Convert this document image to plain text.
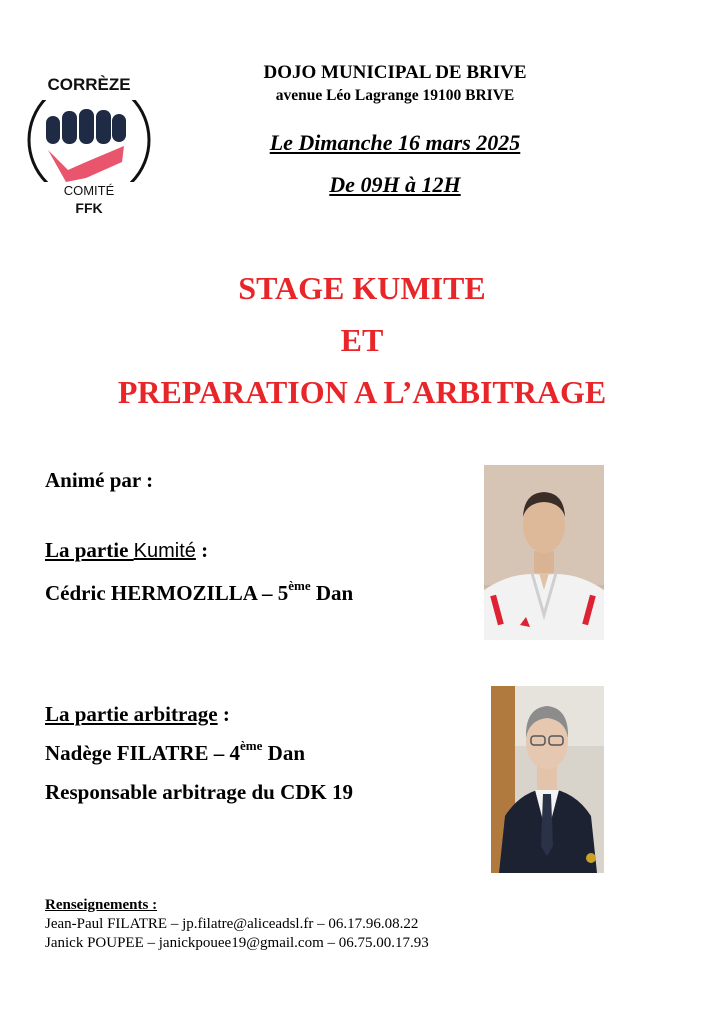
CORRÈZE
COMITÉ
FFK
DOJO MUNICIPAL DE BRIVE
avenue Léo Lagrange 19100 BRIVE
Le Dimanche 16 mars 2025
De 09H à 12H
STAGE KUMITE
ET
PREPARATION A L’ARBITRAGE
Animé par :
La partie Kumité :
Cédric HERMOZILLA – 5ème Dan
La partie arbitrage :
Nadège FILATRE – 4ème Dan
Responsable arbitrage du CDK 19
Renseignements :
Jean-Paul FILATRE – jp.filatre@aliceadsl.fr – 06.17.96.08.22
Janick POUPEE – janickpouee19@gmail.com – 06.75.00.17.93
